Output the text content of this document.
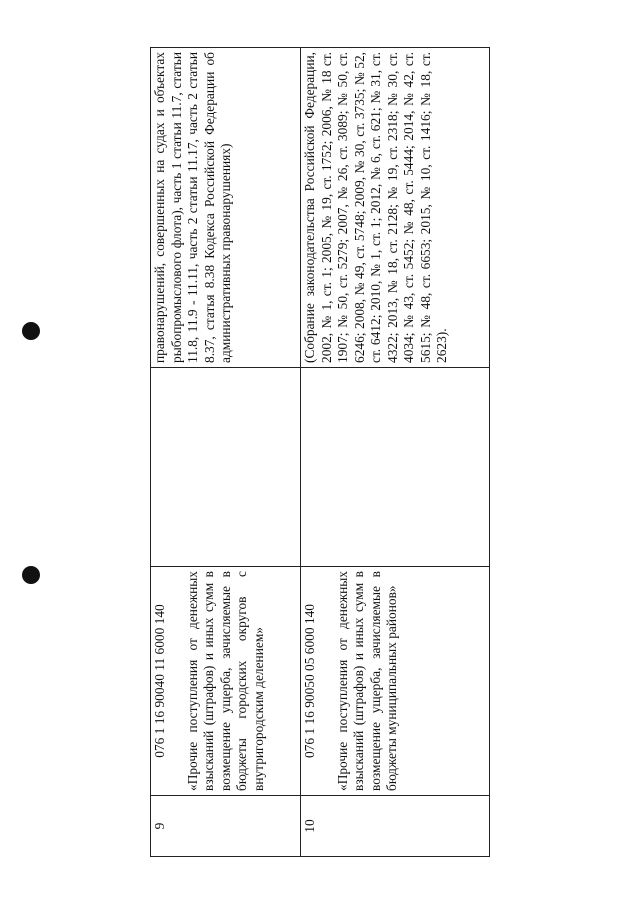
9	076 1 16 90040 11 6000 140 «Прочие поступления от денежных взысканий (штрафов) и иных сумм в возмещение ущерба, зачисляемые в бюджеты городских округов с внутригородским делением»		правонарушений, совершенных на судах и объектах рыбопромыслового флота), часть 1 статьи 11.7, статьи 11.8, 11.9 - 11.11, часть 2 статьи 11.17, часть 2 статьи 8.37, статья 8.38 Кодекса Российской Федерации об административных правонарушениях)
10	076 1 16 90050 05 6000 140 «Прочие поступления от денежных взысканий (штрафов) и иных сумм в возмещение ущерба, зачисляемые в бюджеты муниципальных районов»		(Собрание законодательства Российской Федерации, 2002, № 1, ст. 1; 2005, № 19, ст. 1752; 2006, № 18 ст. 1907; № 50, ст. 5279; 2007, № 26, ст. 3089; № 50, ст. 6246; 2008, № 49, ст. 5748; 2009, № 30, ст. 3735; № 52, ст. 6412; 2010, № 1, ст. 1; 2012, № 6, ст. 621; № 31, ст. 4322; 2013, № 18, ст. 2128; № 19, ст. 2318; № 30, ст. 4034; № 43, ст. 5452; № 48, ст. 5444; 2014, № 42, ст. 5615; № 48, ст. 6653; 2015, № 10, ст. 1416; № 18, ст. 2623).
